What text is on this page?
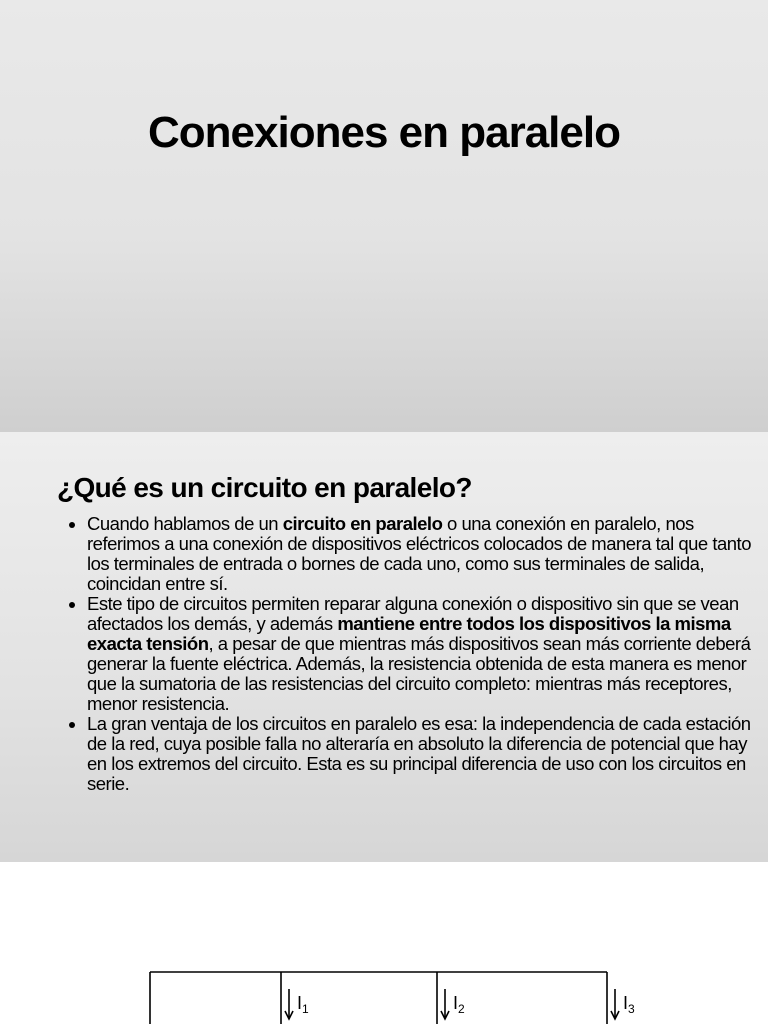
Conexiones en paralelo
¿Qué es un circuito en paralelo?
• Cuando hablamos de un circuito en paralelo o una conexión en paralelo, nos referimos a una conexión de dispositivos eléctricos colocados de manera tal que tanto los terminales de entrada o bornes de cada uno, como sus terminales de salida, coincidan entre sí.
• Este tipo de circuitos permiten reparar alguna conexión o dispositivo sin que se vean afectados los demás, y además mantiene entre todos los dispositivos la misma exacta tensión, a pesar de que mientras más dispositivos sean más corriente deberá generar la fuente eléctrica. Además, la resistencia obtenida de esta manera es menor que la sumatoria de las resistencias del circuito completo: mientras más receptores, menor resistencia.
• La gran ventaja de los circuitos en paralelo es esa: la independencia de cada estación de la red, cuya posible falla no alteraría en absoluto la diferencia de potencial que hay en los extremos del circuito. Esta es su principal diferencia de uso con los circuitos en serie.
$I_1$	$I_2$	$I_3$
